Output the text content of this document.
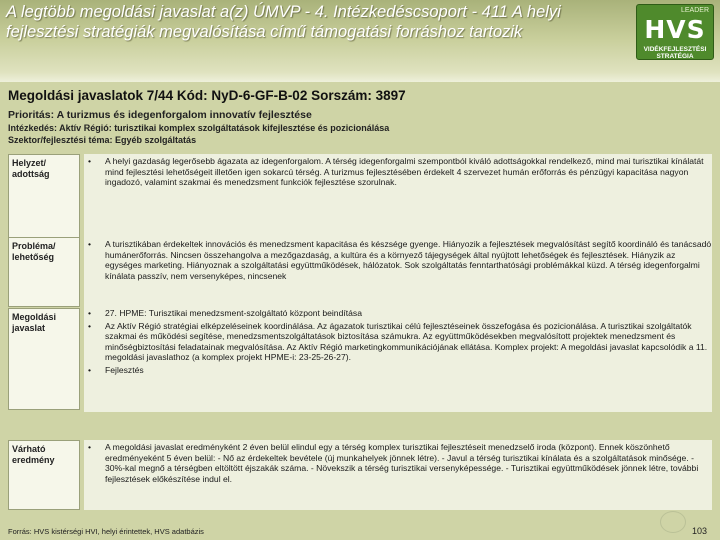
A legtöbb megoldási javaslat a(z) ÚMVP - 4. Intézkedéscsoport - 411 A helyi fejlesztési stratégiák megvalósítása című támogatási forráshoz tartozik
LEADER
HVS
VIDÉKFEJLESZTÉSI STRATÉGIA
Megoldási javaslatok 7/44 Kód: NyD-6-GF-B-02 Sorszám: 3897
Prioritás: A turizmus és idegenforgalom innovatív fejlesztése
Intézkedés: Aktív Régió: turisztikai komplex szolgáltatások kifejlesztése és pozicionálása
Szektor/fejlesztési téma: Egyéb szolgáltatás
Helyzet/ adottság
• A helyi gazdaság legerősebb ágazata az idegenforgalom. A térség idegenforgalmi szempontból kiváló adottságokkal rendelkező, mind mai turisztikai kínálatát mind fejlesztési lehetőségeit illetően igen sokarcú térség. A turizmus fejlesztésében érdekelt 4 szervezet humán erőforrás és pénzügyi kapacitása nagyon ingadozó, valamint szakmai és menedzsment funkciók fejlesztése szorulnak.
Probléma/ lehetőség
• A turisztikában érdekeltek innovációs és menedzsment kapacitása és készsége gyenge. Hiányozik a fejlesztések megvalósítást segítő koordináló és tanácsadó humánerőforrás. Nincsen összehangolva a mezőgazdaság, a kultúra és a környező tájegységek által nyújtott lehetőségek és fejlesztések. Hiányzik az egységes marketing. Hiányoznak a szolgáltatási együttműködések, hálózatok. Sok szolgáltatás fenntarthatósági problémákkal küzd. A térség idegenforgalmi kínálata passzív, nem versenyképes, nincsenek
Megoldási javaslat
• 27. HPME: Turisztikai menedzsment-szolgáltató központ beindítása
• Az Aktív Régió stratégiai elképzeléseinek koordinálása. Az ágazatok turisztikai célú fejlesztéseinek összefogása és pozicionálása. A turisztikai szolgáltatók szakmai és működési segítése, menedzsmentszolgáltatások biztosítása számukra. Az együttműködésekben megvalósított projektek menedzsment és minőségbiztosítási feladatainak megvalósítása. Az Aktív Régió marketingkommunikációjának ellátása. Komplex projekt: A megoldási javaslat kapcsolódik a 11. megoldási javaslathoz (a komplex projekt HPME-i: 23-25-26-27).
• Fejlesztés
Várható eredmény
• A megoldási javaslat eredményként 2 éven belül elindul egy a térség komplex turisztikai fejlesztéseit menedzselő iroda (központ). Ennek köszönhető eredményeként 5 éven belül: - Nő az érdekeltek bevétele (új munkahelyek jönnek létre). - Javul a térség turisztikai kínálata és a szolgáltatások minősége. - 30%-kal megnő a térségben eltöltött éjszakák száma. - Növekszik a térség turisztikai versenyképessége. - Turisztikai együttműködések jönnek létre, további fejlesztések előkészítése indul el.
Forrás: HVS kistérségi HVI, helyi érintettek, HVS adatbázis	103
